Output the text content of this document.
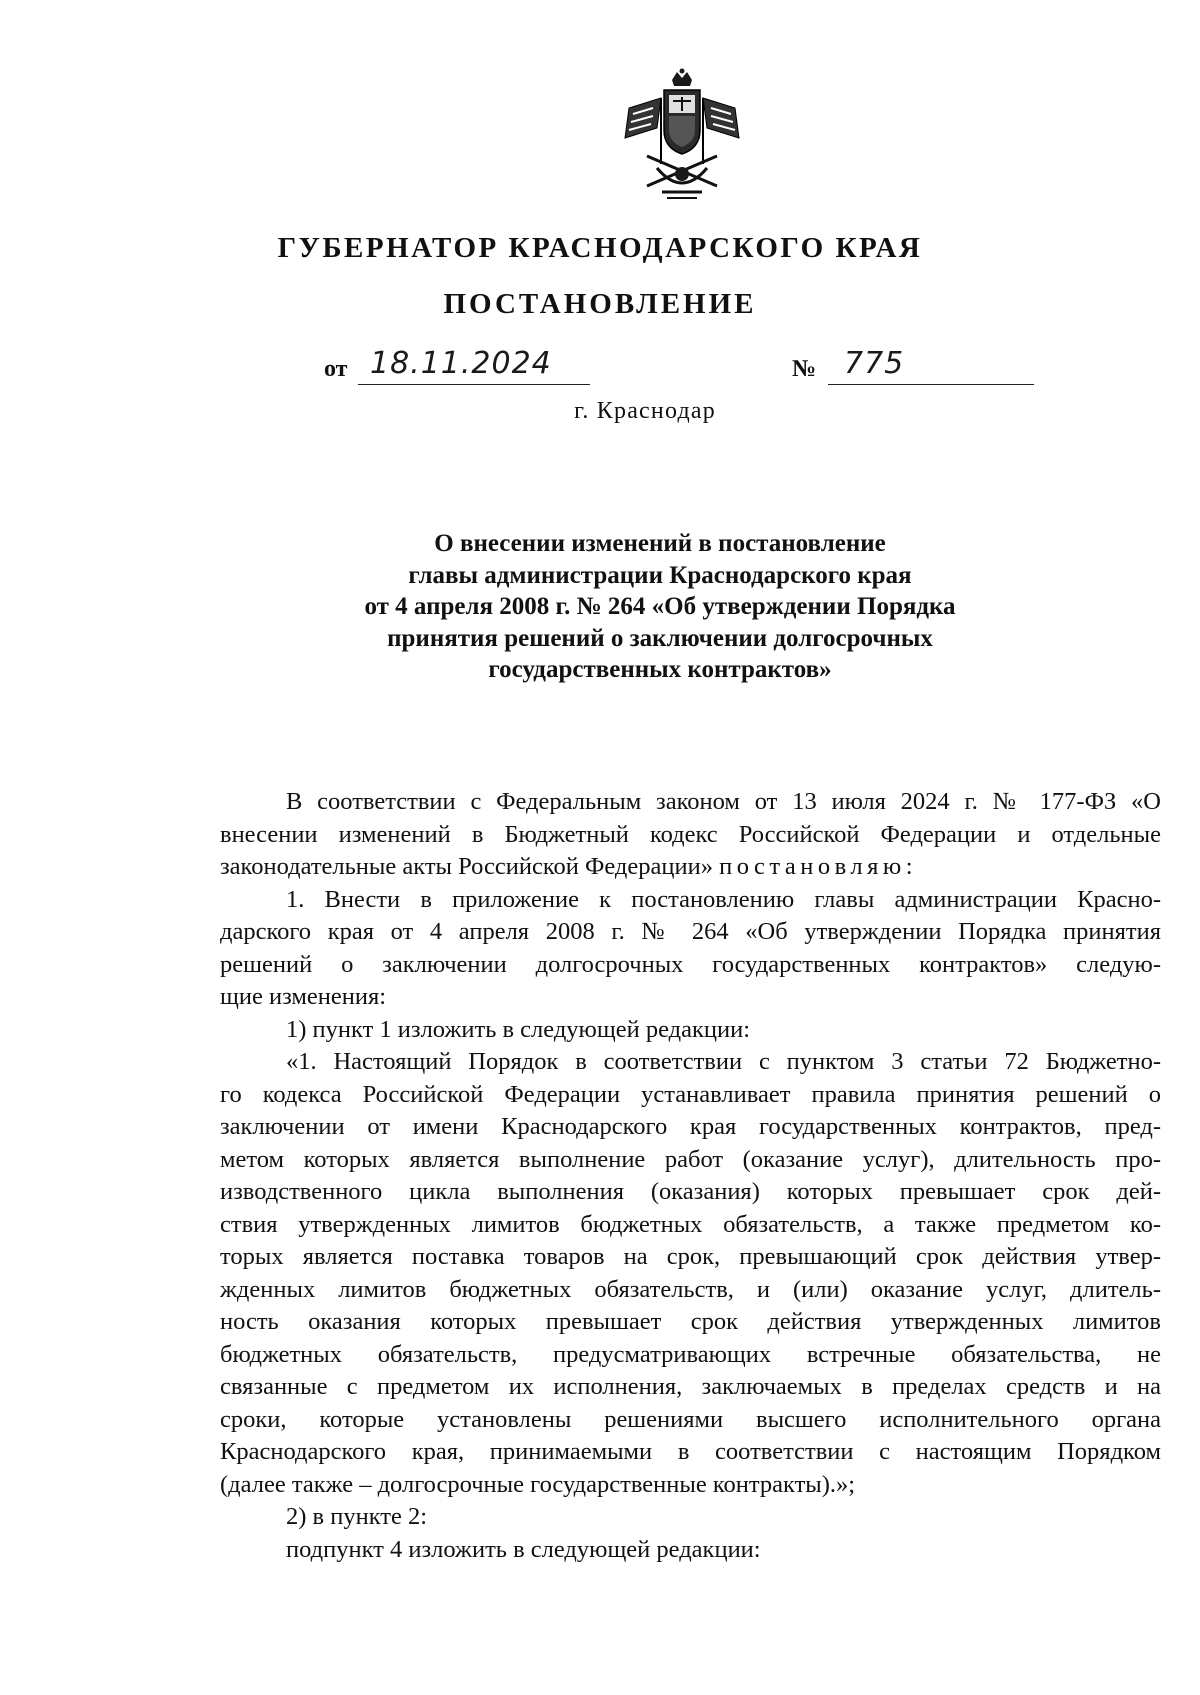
ГУБЕРНАТОР КРАСНОДАРСКОГО КРАЯ
ПОСТАНОВЛЕНИЕ
от 18.11.2024	№ 775
г. Краснодар

О внесении изменений в постановление
главы администрации Краснодарского края
от 4 апреля 2008 г. № 264 «Об утверждении Порядка
принятия решений о заключении долгосрочных
государственных контрактов»

В соответствии с Федеральным законом от 13 июля 2024 г. № 177-ФЗ «О
внесении изменений в Бюджетный кодекс Российской Федерации и отдельные
законодательные акты Российской Федерации» постановляю:
1. Внести в приложение к постановлению главы администрации Красно-
дарского края от 4 апреля 2008 г. № 264 «Об утверждении Порядка принятия
решений о заключении долгосрочных государственных контрактов» следую-
щие изменения:
1) пункт 1 изложить в следующей редакции:
«1. Настоящий Порядок в соответствии с пунктом 3 статьи 72 Бюджетно-
го кодекса Российской Федерации устанавливает правила принятия решений о
заключении от имени Краснодарского края государственных контрактов, пред-
метом которых является выполнение работ (оказание услуг), длительность про-
изводственного цикла выполнения (оказания) которых превышает срок дей-
ствия утвержденных лимитов бюджетных обязательств, а также предметом ко-
торых является поставка товаров на срок, превышающий срок действия утвер-
жденных лимитов бюджетных обязательств, и (или) оказание услуг, длитель-
ность оказания которых превышает срок действия утвержденных лимитов
бюджетных обязательств, предусматривающих встречные обязательства, не
связанные с предметом их исполнения, заключаемых в пределах средств и на
сроки, которые установлены решениями высшего исполнительного органа
Краснодарского края, принимаемыми в соответствии с настоящим Порядком
(далее также – долгосрочные государственные контракты).»;
2) в пункте 2:
подпункт 4 изложить в следующей редакции:
